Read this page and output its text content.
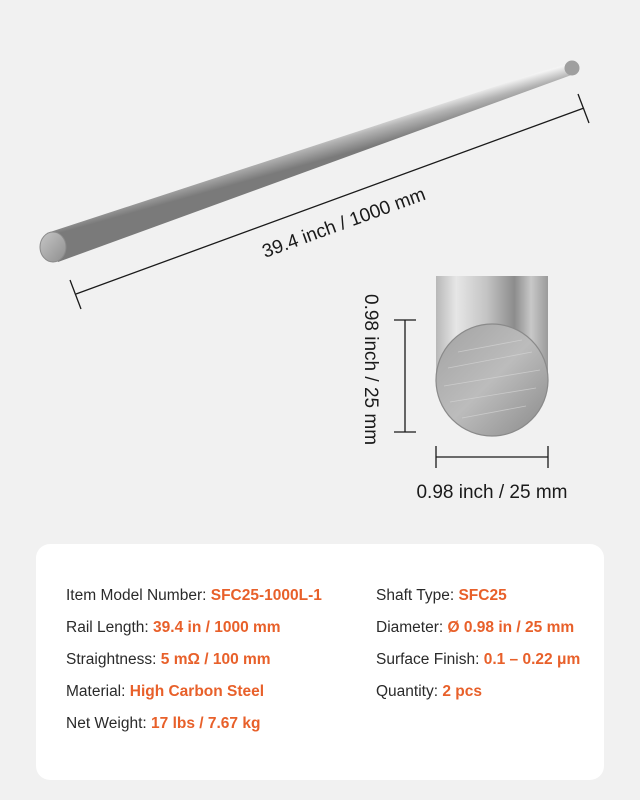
39.4 inch / 1000 mm
0.98 inch / 25 mm
0.98 inch / 25 mm
Item Model Number: SFC25-1000L-1
Rail Length: 39.4 in / 1000 mm
Straightness: 5 mΩ / 100 mm
Material: High Carbon Steel
Net Weight: 17 lbs / 7.67 kg
Shaft Type: SFC25
Diameter: Ø 0.98 in / 25 mm
Surface Finish: 0.1 – 0.22 μm
Quantity: 2 pcs
